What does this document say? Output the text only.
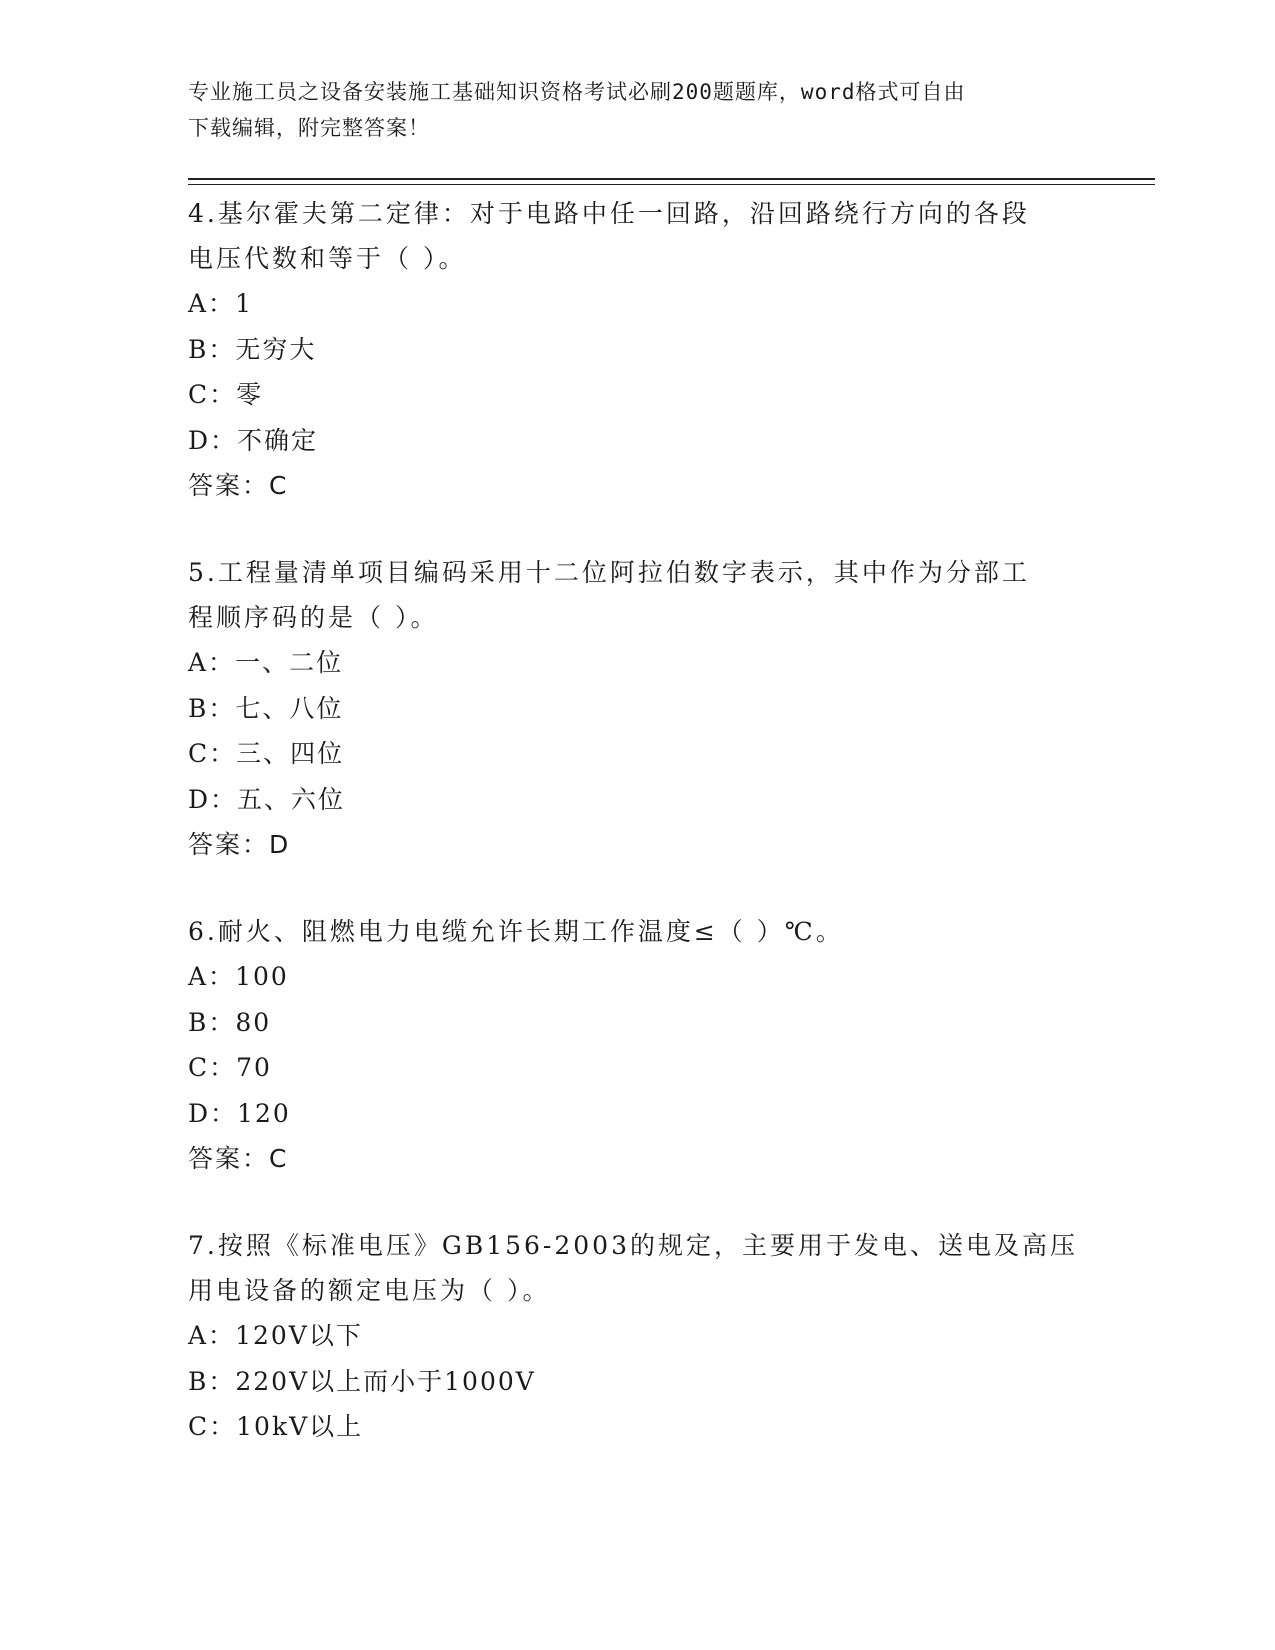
专业施工员之设备安装施工基础知识资格考试必刷200题题库，word格式可自由
下载编辑，附完整答案！
4.基尔霍夫第二定律：对于电路中任一回路，沿回路绕行方向的各段
电压代数和等于（ ）。
A：1
B：无穷大
C：零
D：不确定
答案：C
5.工程量清单项目编码采用十二位阿拉伯数字表示，其中作为分部工
程顺序码的是（ ）。
A：一、二位
B：七、八位
C：三、四位
D：五、六位
答案：D
6.耐火、阻燃电力电缆允许长期工作温度≤（ ）℃。
A：100
B：80
C：70
D：120
答案：C
7.按照《标准电压》GB156-2003的规定，主要用于发电、送电及高压
用电设备的额定电压为（ ）。
A：120V以下
B：220V以上而小于1000V
C：10kV以上
